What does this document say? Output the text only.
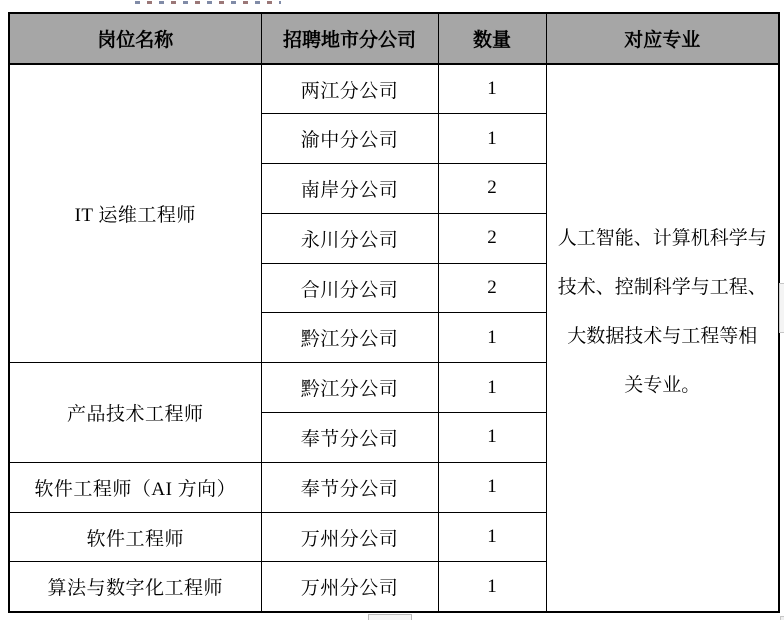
岗位名称	招聘地市分公司	数量	对应专业
IT 运维工程师	两江分公司	1	人工智能、计算机科学与
技术、控制科学与工程、
大数据技术与工程等相
关专业。

	渝中分公司	1	
	南岸分公司	2	
	永川分公司	2	
	合川分公司	2	
	黔江分公司	1	
产品技术工程师	黔江分公司	1	
	奉节分公司	1	
软件工程师（AI 方向）	奉节分公司	1	
软件工程师	万州分公司	1	
算法与数字化工程师	万州分公司	1	
